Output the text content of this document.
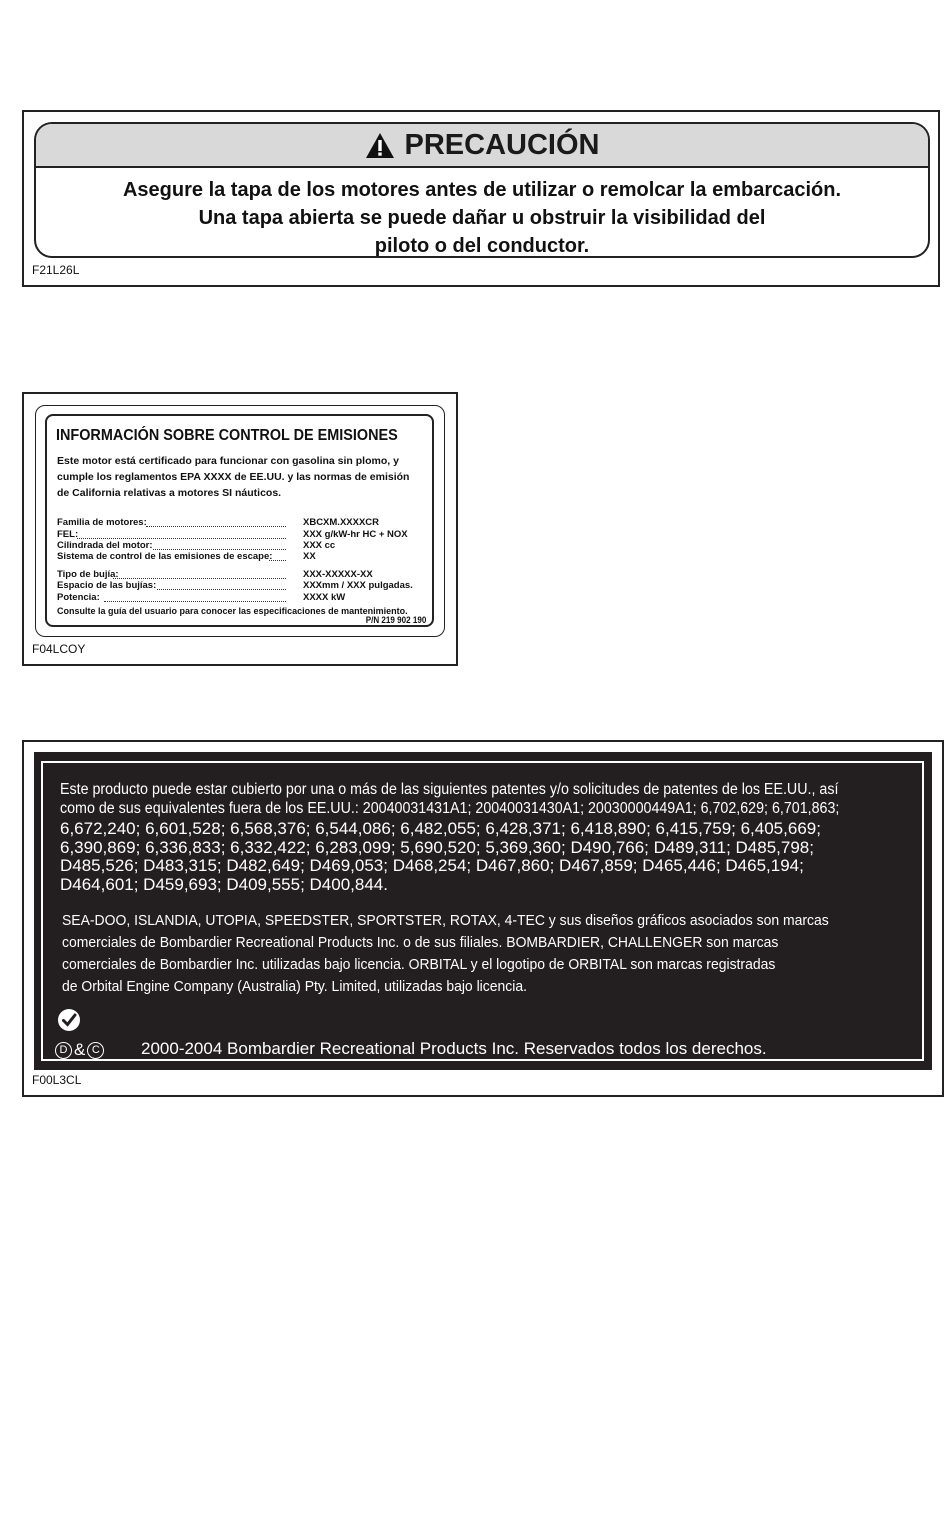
PRECAUCIÓN
Asegure la tapa de los motores antes de utilizar o remolcar la embarcación.
Una tapa abierta se puede dañar u obstruir la visibilidad del
piloto o del conductor.
F21L26L
INFORMACIÓN SOBRE CONTROL DE EMISIONES
Este motor está certificado para funcionar con gasolina sin plomo, y
cumple los reglamentos EPA XXXX de EE.UU. y las normas de emisión
de California relativas a motores SI náuticos.
Familia de motores:	XBCXM.XXXXCR
FEL:	XXX g/kW-hr HC + NOX
Cilindrada del motor:	XXX cc
Sistema de control de las emisiones de escape:	XX
Tipo de bujía:	XXX-XXXXX-XX
Espacio de las bujías:	XXXmm / XXX pulgadas.
Potencia:	XXXX kW
Consulte la guía del usuario para conocer las especificaciones de mantenimiento.
P/N 219 902 190
F04LCOY
Este producto puede estar cubierto por una o más de las siguientes patentes y/o solicitudes de patentes de los EE.UU., así
como de sus equivalentes fuera de los EE.UU.: 20040031431A1; 20040031430A1; 20030000449A1; 6,702,629; 6,701,863;
6,672,240; 6,601,528; 6,568,376; 6,544,086; 6,482,055; 6,428,371; 6,418,890; 6,415,759; 6,405,669;
6,390,869; 6,336,833; 6,332,422; 6,283,099; 5,690,520; 5,369,360; D490,766; D489,311; D485,798;
D485,526; D483,315; D482,649; D469,053; D468,254; D467,860; D467,859; D465,446; D465,194;
D464,601; D459,693; D409,555; D400,844.
SEA-DOO, ISLANDIA, UTOPIA, SPEEDSTER, SPORTSTER, ROTAX, 4-TEC y sus diseños gráficos asociados son marcas
comerciales de Bombardier Recreational Products Inc. o de sus filiales. BOMBARDIER, CHALLENGER son marcas
comerciales de Bombardier Inc. utilizadas bajo licencia. ORBITAL y el logotipo de ORBITAL son marcas registradas
de Orbital Engine Company (Australia) Pty. Limited, utilizadas bajo licencia.
D & C 2000-2004 Bombardier Recreational Products Inc. Reservados todos los derechos.
F00L3CL
